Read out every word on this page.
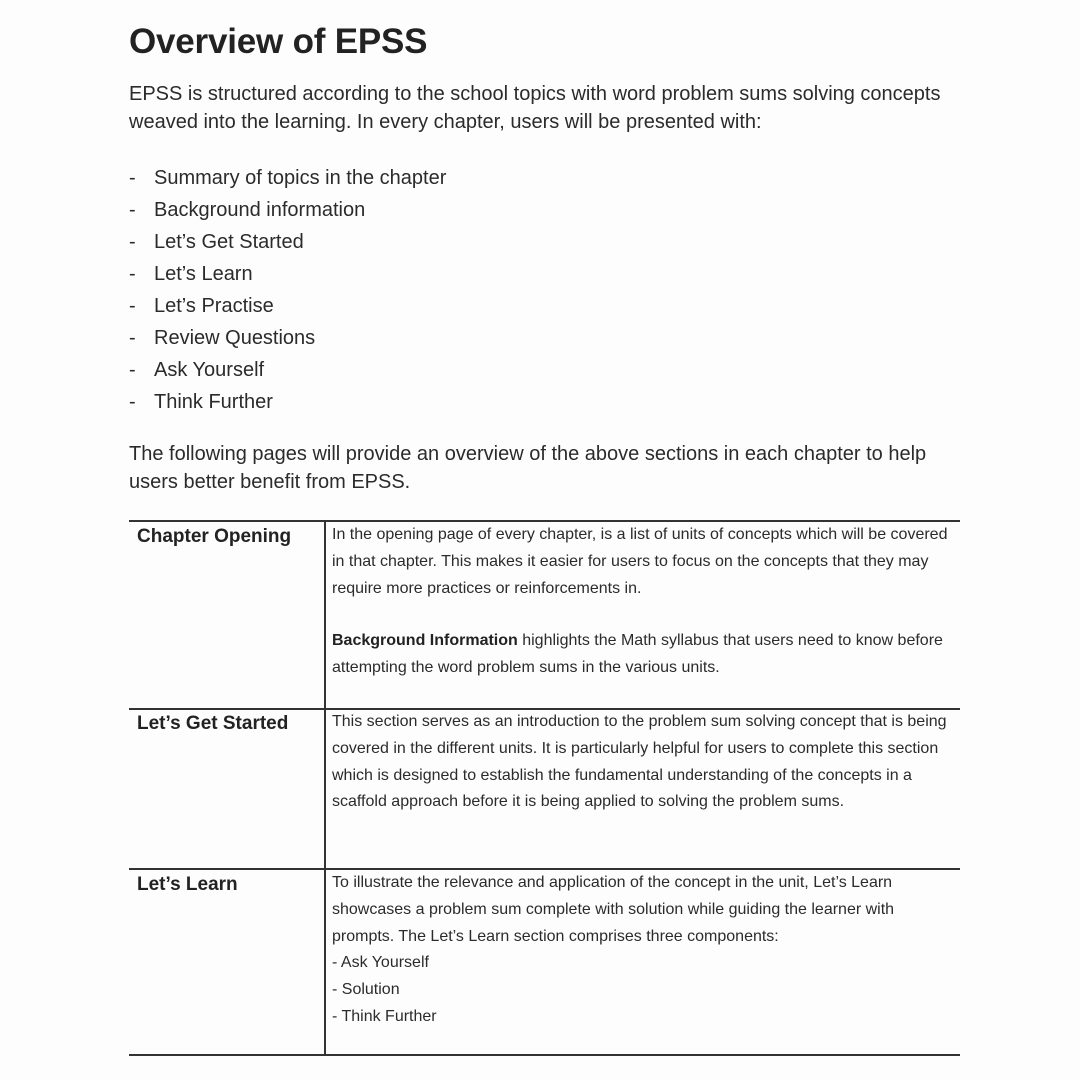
Overview of EPSS

EPSS is structured according to the school topics with word problem sums solving concepts weaved into the learning. In every chapter, users will be presented with:

- Summary of topics in the chapter
- Background information
- Let’s Get Started
- Let’s Learn
- Let’s Practise
- Review Questions
- Ask Yourself
- Think Further

The following pages will provide an overview of the above sections in each chapter to help users better benefit from EPSS.

Chapter Opening	In the opening page of every chapter, is a list of units of concepts which will be covered in that chapter. This makes it easier for users to focus on the concepts that they may require more practices or reinforcements in.

Background Information highlights the Math syllabus that users need to know before attempting the word problem sums in the various units.

Let’s Get Started	This section serves as an introduction to the problem sum solving concept that is being covered in the different units. It is particularly helpful for users to complete this section which is designed to establish the fundamental understanding of the concepts in a scaffold approach before it is being applied to solving the problem sums.

Let’s Learn	To illustrate the relevance and application of the concept in the unit, Let’s Learn showcases a problem sum complete with solution while guiding the learner with prompts. The Let’s Learn section comprises three components:

- Ask Yourself

- Solution

- Think Further
